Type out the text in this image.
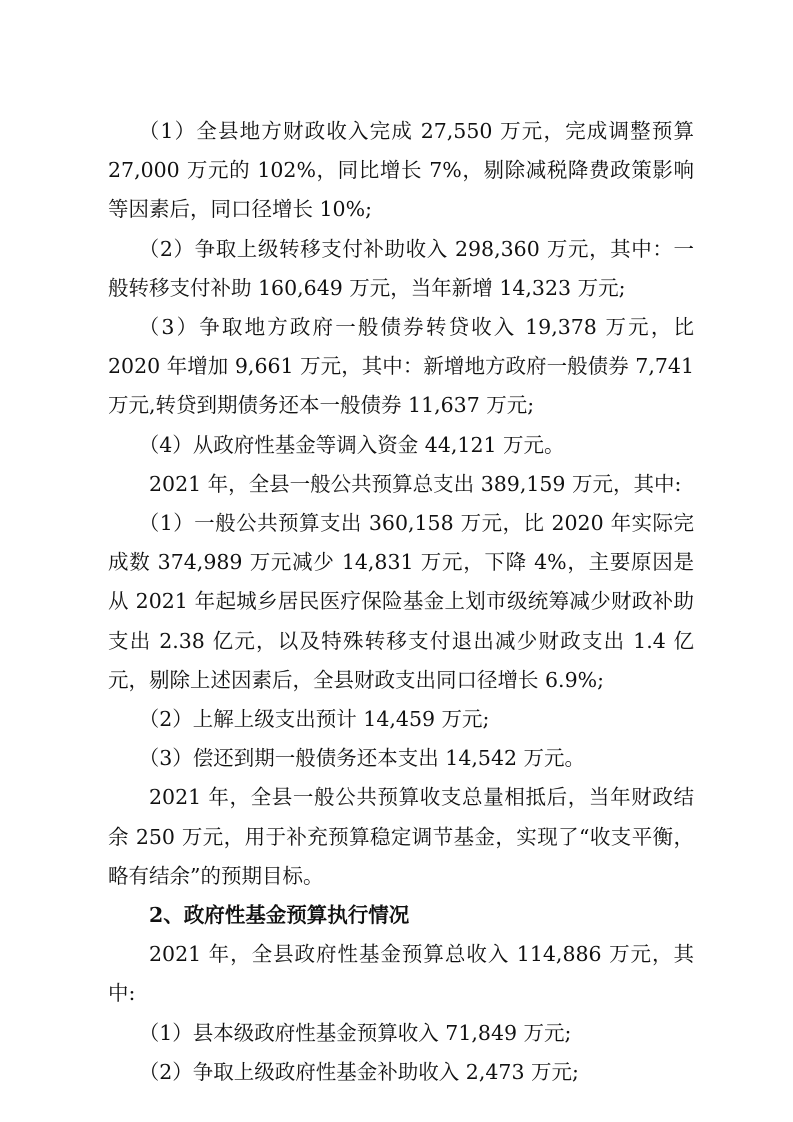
（1）全县地方财政收入完成 27,550 万元，完成调整预算 27,000 万元的 102%，同比增长 7%，剔除减税降费政策影响等因素后，同口径增长 10%;

（2）争取上级转移支付补助收入 298,360 万元，其中：一般转移支付补助 160,649 万元，当年新增 14,323 万元;

（3）争取地方政府一般债券转贷收入 19,378 万元，比 2020 年增加 9,661 万元，其中：新增地方政府一般债券 7,741 万元,转贷到期债务还本一般债券 11,637 万元;

（4）从政府性基金等调入资金 44,121 万元。

2021 年，全县一般公共预算总支出 389,159 万元，其中:

（1）一般公共预算支出 360,158 万元，比 2020 年实际完成数 374,989 万元减少 14,831 万元，下降 4%，主要原因是从 2021 年起城乡居民医疗保险基金上划市级统筹减少财政补助支出 2.38 亿元，以及特殊转移支付退出减少财政支出 1.4 亿元，剔除上述因素后，全县财政支出同口径增长 6.9%;

（2）上解上级支出预计 14,459 万元;

（3）偿还到期一般债务还本支出 14,542 万元。

2021 年，全县一般公共预算收支总量相抵后，当年财政结余 250 万元，用于补充预算稳定调节基金，实现了“收支平衡，略有结余”的预期目标。

2、政府性基金预算执行情况

2021 年，全县政府性基金预算总收入 114,886 万元，其中:

（1）县本级政府性基金预算收入 71,849 万元;

（2）争取上级政府性基金补助收入 2,473 万元;
